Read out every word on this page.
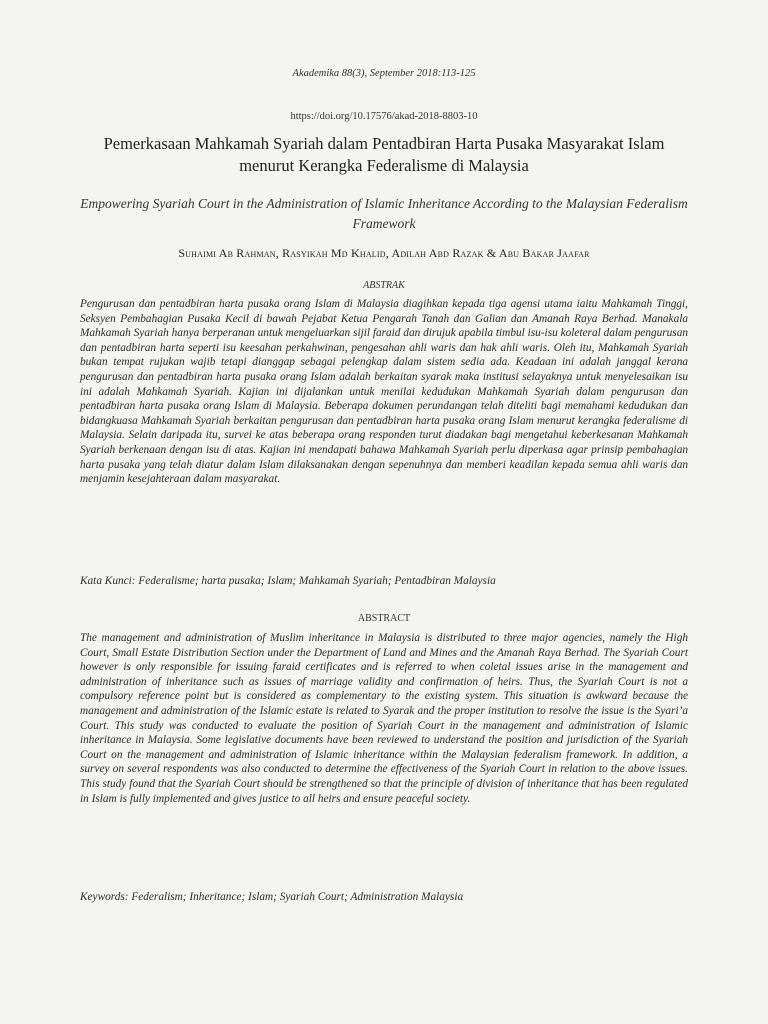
Akademika 88(3), September 2018:113-125
https://doi.org/10.17576/akad-2018-8803-10
Pemerkasaan Mahkamah Syariah dalam Pentadbiran Harta Pusaka Masyarakat Islam menurut Kerangka Federalisme di Malaysia
Empowering Syariah Court in the Administration of Islamic Inheritance According to the Malaysian Federalism Framework
Suhaimi Ab Rahman, Rasyikah Md Khalid, Adilah Abd Razak & Abu Bakar Jaafar
ABSTRAK

Pengurusan dan pentadbiran harta pusaka orang Islam di Malaysia diagihkan kepada tiga agensi utama iaitu Mahkamah Tinggi, Seksyen Pembahagian Pusaka Kecil di bawah Pejabat Ketua Pengarah Tanah dan Galian dan Amanah Raya Berhad. Manakala Mahkamah Syariah hanya berperanan untuk mengeluarkan sijil faraid dan dirujuk apabila timbul isu-isu koleteral dalam pengurusan dan pentadbiran harta seperti isu keesahan perkahwinan, pengesahan ahli waris dan hak ahli waris. Oleh itu, Mahkamah Syariah bukan tempat rujukan wajib tetapi dianggap sebagai pelengkap dalam sistem sedia ada. Keadaan ini adalah janggal kerana pengurusan dan pentadbiran harta pusaka orang Islam adalah berkaitan syarak maka institusi selayaknya untuk menyelesaikan isu ini adalah Mahkamah Syariah. Kajian ini dijalankan untuk menilai kedudukan Mahkamah Syariah dalam pengurusan dan pentadbiran harta pusaka orang Islam di Malaysia. Beberapa dokumen perundangan telah diteliti bagi memahami kedudukan dan bidangkuasa Mahkamah Syariah berkaitan pengurusan dan pentadbiran harta pusaka orang Islam menurut kerangka federalisme di Malaysia. Selain daripada itu, survei ke atas beberapa orang responden turut diadakan bagi mengetahui keberkesanan Mahkamah Syariah berkenaan dengan isu di atas. Kajian ini mendapati bahawa Mahkamah Syariah perlu diperkasa agar prinsip pembahagian harta pusaka yang telah diatur dalam Islam dilaksanakan dengan sepenuhnya dan memberi keadilan kepada semua ahli waris dan menjamin kesejahteraan dalam masyarakat.

Kata Kunci: Federalisme; harta pusaka; Islam; Mahkamah Syariah; Pentadbiran Malaysia
ABSTRACT

The management and administration of Muslim inheritance in Malaysia is distributed to three major agencies, namely the High Court, Small Estate Distribution Section under the Department of Land and Mines and the Amanah Raya Berhad. The Syariah Court however is only responsible for issuing faraid certificates and is referred to when coletal issues arise in the management and administration of inheritance such as issues of marriage validity and confirmation of heirs. Thus, the Syariah Court is not a compulsory reference point but is considered as complementary to the existing system. This situation is awkward because the management and administration of the Islamic estate is related to Syarak and the proper institution to resolve the issue is the Syari’a Court. This study was conducted to evaluate the position of Syariah Court in the management and administration of Islamic inheritance in Malaysia. Some legislative documents have been reviewed to understand the position and jurisdiction of the Syariah Court on the management and administration of Islamic inheritance within the Malaysian federalism framework. In addition, a survey on several respondents was also conducted to determine the effectiveness of the Syariah Court in relation to the above issues. This study found that the Syariah Court should be strengthened so that the principle of division of inheritance that has been regulated in Islam is fully implemented and gives justice to all heirs and ensure peaceful society.

Keywords: Federalism; Inheritance; Islam; Syariah Court; Administration Malaysia
